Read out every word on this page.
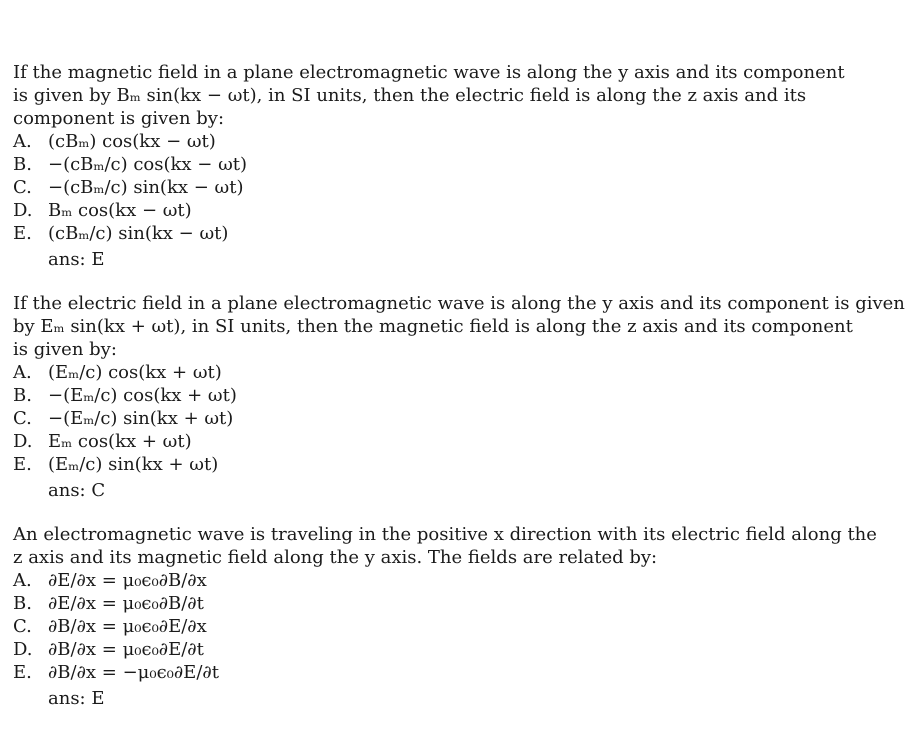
If the magnetic field in a plane electromagnetic wave is along the y axis and its component
is given by Bₘ sin(kx − ωt), in SI units, then the electric field is along the z axis and its
component is given by:
A. (cBₘ) cos(kx − ωt)
B. −(cBₘ/c) cos(kx − ωt)
C. −(cBₘ/c) sin(kx − ωt)
D. Bₘ cos(kx − ωt)
E. (cBₘ/c) sin(kx − ωt)
ans: E
If the electric field in a plane electromagnetic wave is along the y axis and its component is given
by Eₘ sin(kx + ωt), in SI units, then the magnetic field is along the z axis and its component
is given by:
A. (Eₘ/c) cos(kx + ωt)
B. −(Eₘ/c) cos(kx + ωt)
C. −(Eₘ/c) sin(kx + ωt)
D. Eₘ cos(kx + ωt)
E. (Eₘ/c) sin(kx + ωt)
ans: C
An electromagnetic wave is traveling in the positive x direction with its electric field along the
z axis and its magnetic field along the y axis. The fields are related by:
A. ∂E/∂x = μ₀ϵ₀∂B/∂x
B. ∂E/∂x = μ₀ϵ₀∂B/∂t
C. ∂B/∂x = μ₀ϵ₀∂E/∂x
D. ∂B/∂x = μ₀ϵ₀∂E/∂t
E. ∂B/∂x = −μ₀ϵ₀∂E/∂t
ans: E
